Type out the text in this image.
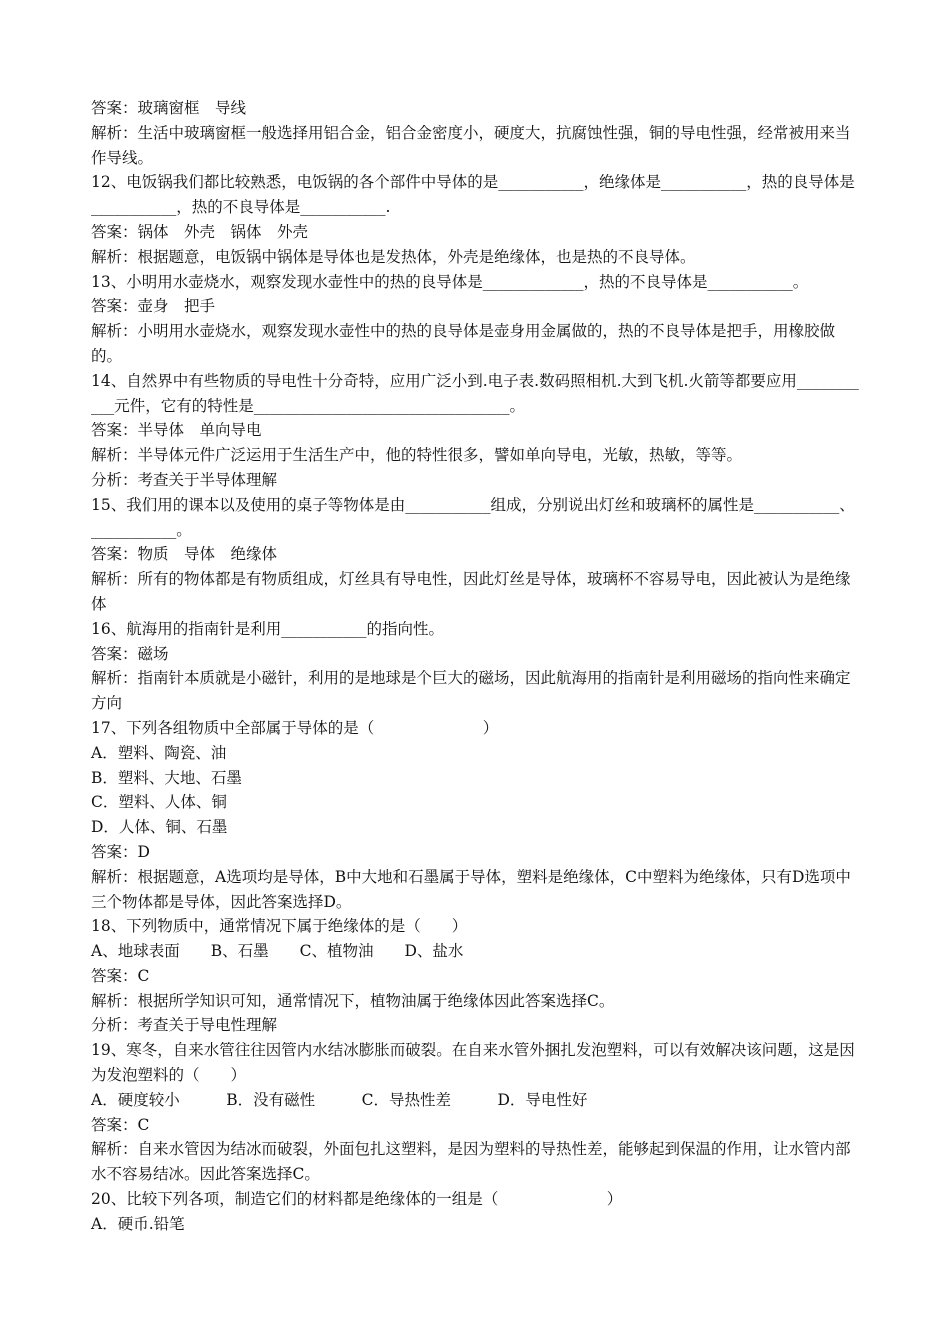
答案：玻璃窗框　导线

解析：生活中玻璃窗框一般选择用铝合金，铝合金密度小，硬度大，抗腐蚀性强，铜的导电性强，经常被用来当作导线。

12、电饭锅我们都比较熟悉，电饭锅的各个部件中导体的是___________，绝缘体是___________，热的良导体是___________，热的不良导体是___________.

答案：锅体　外壳　锅体　外壳

解析：根据题意，电饭锅中锅体是导体也是发热体，外壳是绝缘体，也是热的不良导体。

13、小明用水壶烧水，观察发现水壶性中的热的良导体是_____________，热的不良导体是___________。

答案：壶身　把手

解析：小明用水壶烧水，观察发现水壶性中的热的良导体是壶身用金属做的，热的不良导体是把手，用橡胶做的。

14、自然界中有些物质的导电性十分奇特，应用广泛小到.电子表.数码照相机.大到飞机.火箭等都要应用___________元件，它有的特性是_________________________________。

答案：半导体　单向导电

解析：半导体元件广泛运用于生活生产中，他的特性很多，譬如单向导电，光敏，热敏，等等。

分析：考查关于半导体理解

15、我们用的课本以及使用的桌子等物体是由___________组成，分别说出灯丝和玻璃杯的属性是___________、___________。

答案：物质　导体　绝缘体

解析：所有的物体都是有物质组成，灯丝具有导电性，因此灯丝是导体，玻璃杯不容易导电，因此被认为是绝缘体

16、航海用的指南针是利用___________的指向性。

答案：磁场

解析：指南针本质就是小磁针，利用的是地球是个巨大的磁场，因此航海用的指南针是利用磁场的指向性来确定方向

17、下列各组物质中全部属于导体的是（　　　　　　　）

A．塑料、陶瓷、油

B．塑料、大地、石墨

C．塑料、人体、铜

D．人体、铜、石墨

答案：D

解析：根据题意，A选项均是导体，B中大地和石墨属于导体，塑料是绝缘体，C中塑料为绝缘体，只有D选项中三个物体都是导体，因此答案选择D。

18、下列物质中，通常情况下属于绝缘体的是（　　）

A、地球表面　　B、石墨　　C、植物油　　D、盐水

答案：C

解析：根据所学知识可知，通常情况下，植物油属于绝缘体因此答案选择C。

分析：考查关于导电性理解

19、寒冬，自来水管往往因管内水结冰膨胀而破裂。在自来水管外捆扎发泡塑料，可以有效解决该问题，这是因为发泡塑料的（　　）

A．硬度较小　　　B．没有磁性　　　C．导热性差　　　D．导电性好

答案：C

解析：自来水管因为结冰而破裂，外面包扎这塑料，是因为塑料的导热性差，能够起到保温的作用，让水管内部水不容易结冰。因此答案选择C。

20、比较下列各项，制造它们的材料都是绝缘体的一组是（　　　　　　　）

A．硬币.铅笔
